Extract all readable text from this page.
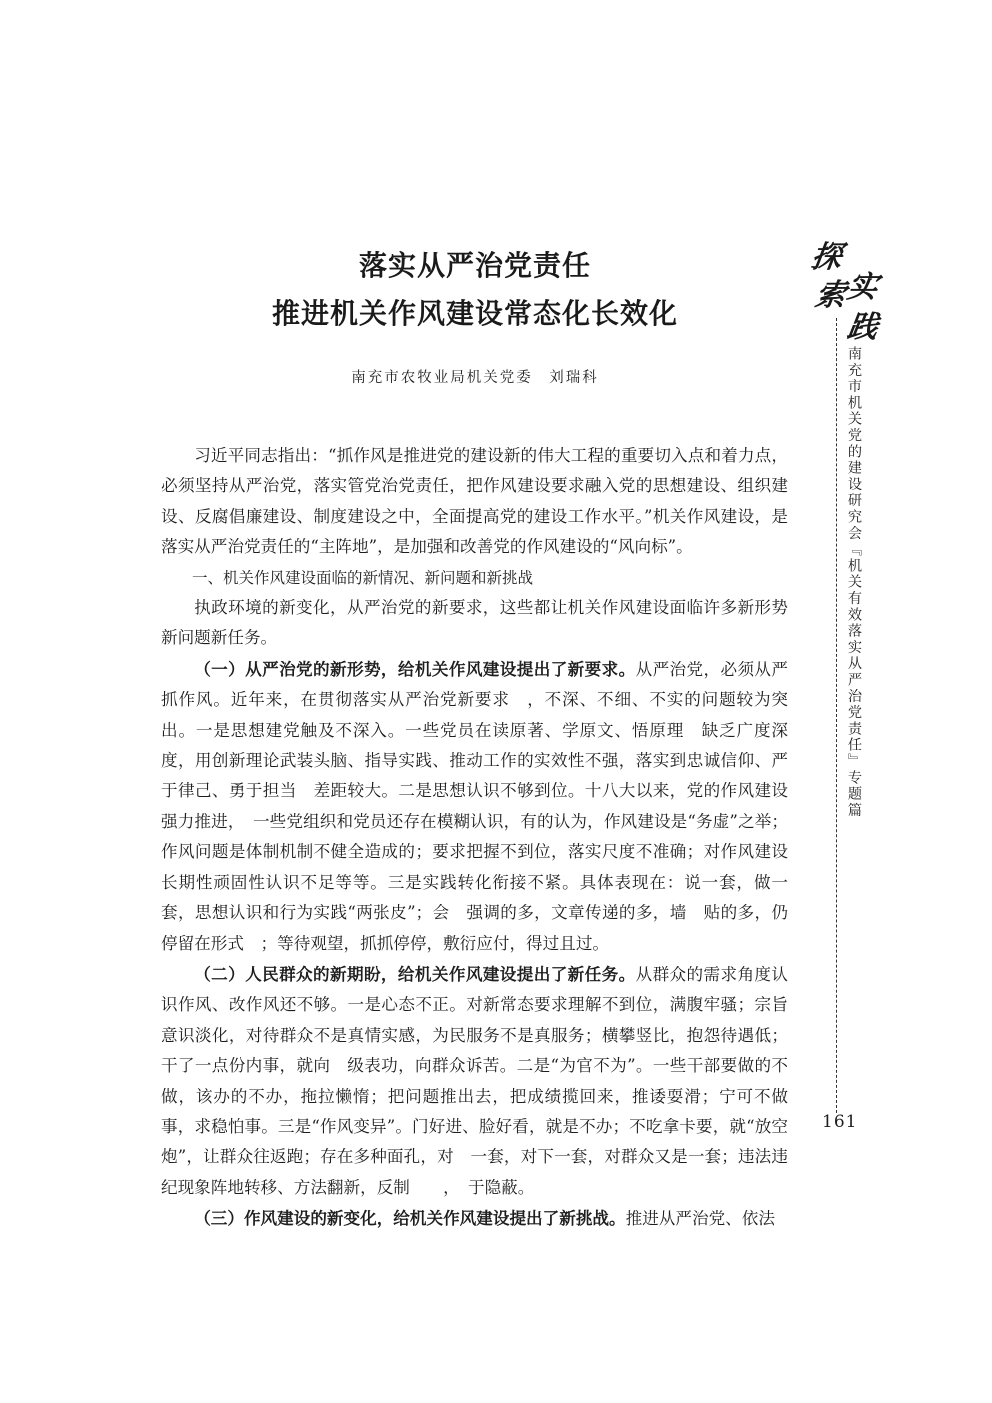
落实从严治党责任
推进机关作风建设常态化长效化
南充市农牧业局机关党委　刘瑞科

习近平同志指出：“抓作风是推进党的建设新的伟大工程的重要切入点和着力点，必须坚持从严治党，落实管党治党责任，把作风建设要求融入党的思想建设、组织建设、反腐倡廉建设、制度建设之中，全面提高党的建设工作水平。”机关作风建设，是落实从严治党责任的“主阵地”，是加强和改善党的作风建设的“风向标”。

一、机关作风建设面临的新情况、新问题和新挑战

执政环境的新变化，从严治党的新要求，这些都让机关作风建设面临许多新形势新问题新任务。

（一）从严治党的新形势，给机关作风建设提出了新要求。从严治党，必须从严抓作风。近年来，在贯彻落实从严治党新要求　，不深、不细、不实的问题较为突出。一是思想建党触及不深入。一些党员在读原著、学原文、悟原理　缺乏广度深度，用创新理论武装头脑、指导实践、推动工作的实效性不强，落实到忠诚信仰、严于律己、勇于担当　差距较大。二是思想认识不够到位。十八大以来，党的作风建设强力推进，　一些党组织和党员还存在模糊认识，有的认为，作风建设是“务虚”之举；作风问题是体制机制不健全造成的；要求把握不到位，落实尺度不准确；对作风建设长期性顽固性认识不足等等。三是实践转化衔接不紧。具体表现在：说一套，做一套，思想认识和行为实践“两张皮”；会　强调的多，文章传递的多，墙　贴的多，仍停留在形式　；等待观望，抓抓停停，敷衍应付，得过且过。

（二）人民群众的新期盼，给机关作风建设提出了新任务。从群众的需求角度认识作风、改作风还不够。一是心态不正。对新常态要求理解不到位，满腹牢骚；宗旨意识淡化，对待群众不是真情实感，为民服务不是真服务；横攀竖比，抱怨待遇低；干了一点份内事，就向　级表功，向群众诉苦。二是“为官不为”。一些干部要做的不做，该办的不办，拖拉懒惰；把问题推出去，把成绩揽回来，推诿耍滑；宁可不做事，求稳怕事。三是“作风变异”。门好进、脸好看，就是不办；不吃拿卡要，就“放空炮”，让群众往返跑；存在多种面孔，对　一套，对下一套，对群众又是一套；违法违纪现象阵地转移、方法翻新，反制　　，　于隐蔽。

（三）作风建设的新变化，给机关作风建设提出了新挑战。推进从严治党、依法

探
索
实
践
南充市机关党的建设研究会『机关有效落实从严治党责任』专题篇
161
